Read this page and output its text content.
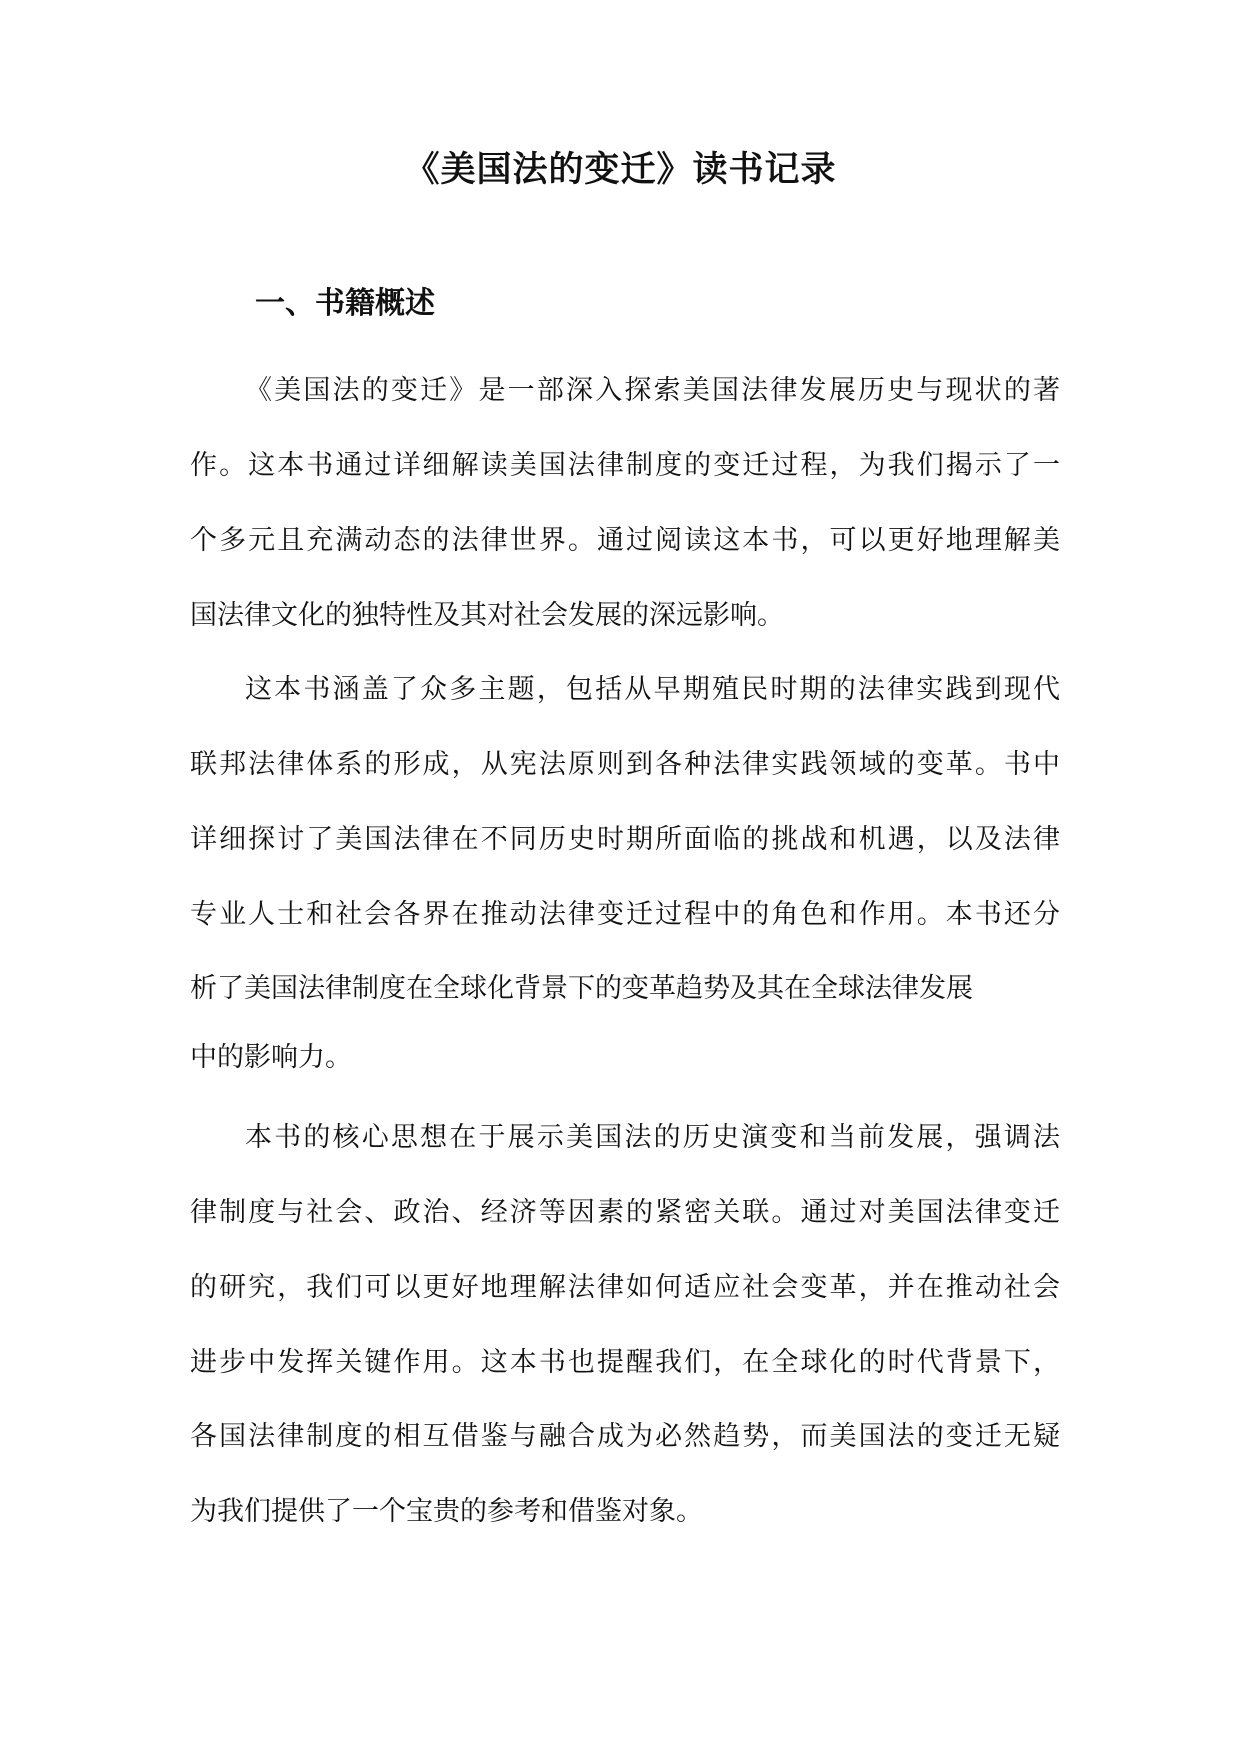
《美国法的变迁》读书记录
一、书籍概述
《美国法的变迁》是一部深入探索美国法律发展历史与现状的著
作。这本书通过详细解读美国法律制度的变迁过程，为我们揭示了一
个多元且充满动态的法律世界。通过阅读这本书，可以更好地理解美
国法律文化的独特性及其对社会发展的深远影响。
这本书涵盖了众多主题，包括从早期殖民时期的法律实践到现代
联邦法律体系的形成，从宪法原则到各种法律实践领域的变革。书中
详细探讨了美国法律在不同历史时期所面临的挑战和机遇，以及法律
专业人士和社会各界在推动法律变迁过程中的角色和作用。本书还分
析了美国法律制度在全球化背景下的变革趋势及其在全球法律发展
中的影响力。
本书的核心思想在于展示美国法的历史演变和当前发展，强调法
律制度与社会、政治、经济等因素的紧密关联。通过对美国法律变迁
的研究，我们可以更好地理解法律如何适应社会变革，并在推动社会
进步中发挥关键作用。这本书也提醒我们，在全球化的时代背景下，
各国法律制度的相互借鉴与融合成为必然趋势，而美国法的变迁无疑
为我们提供了一个宝贵的参考和借鉴对象。
